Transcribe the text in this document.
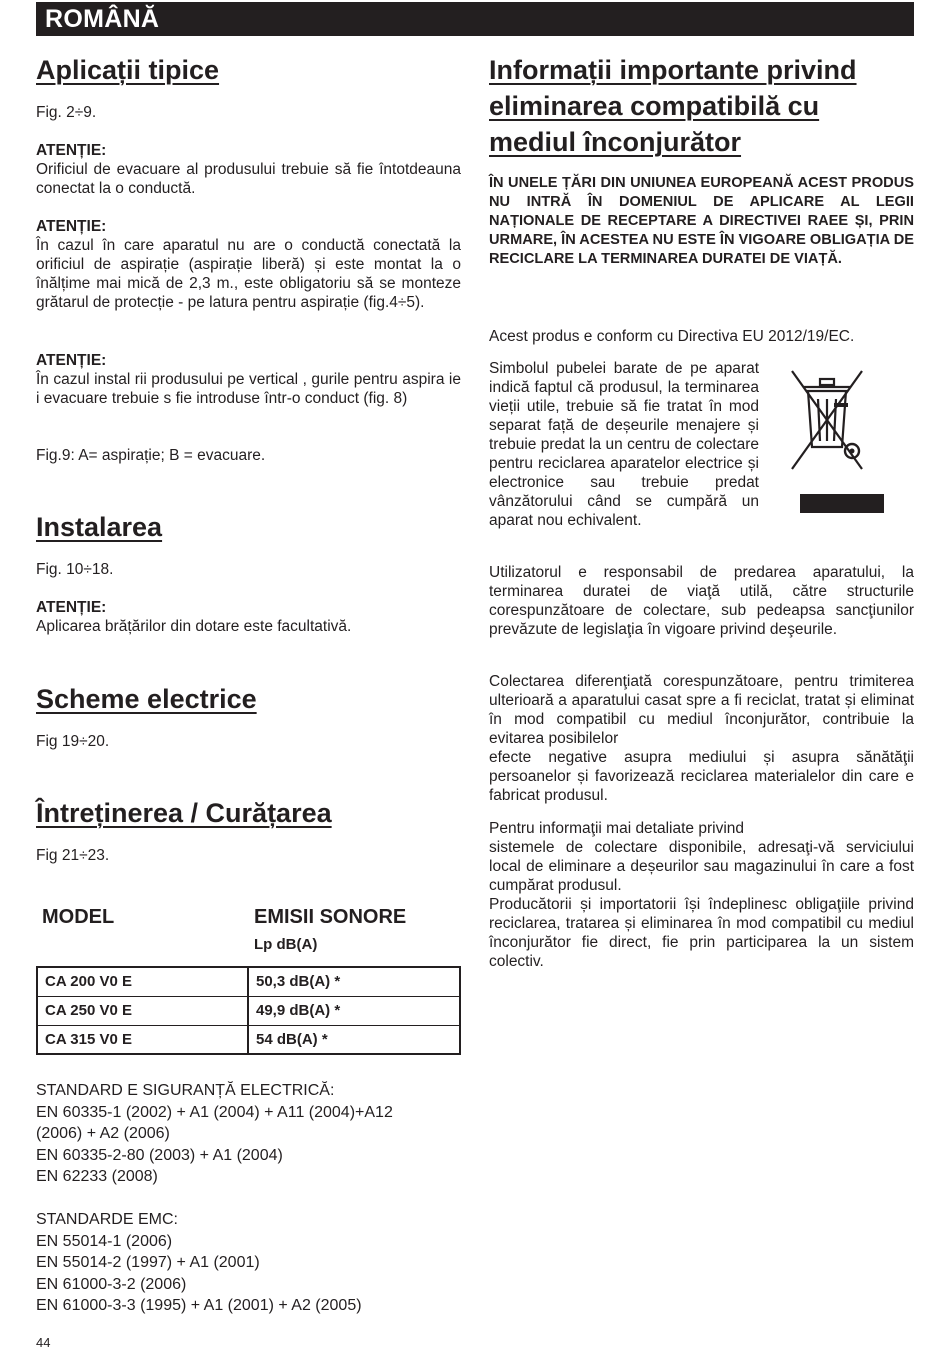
ROMÂNĂ
Aplicații tipice
Fig. 2÷9.
ATENȚIE:
Orificiul de evacuare al produsului trebuie să fie întotdeauna conectat la o conductă.
ATENȚIE:
În cazul în care aparatul nu are o conductă conectată la orificiul de aspirație (aspirație liberă) și este montat la o înălțime mai mică de 2,3 m., este obligatoriu să se monteze grătarul de protecție - pe latura pentru aspirație (fig.4÷5).
ATENȚIE:
În cazul instal rii produsului pe vertical , gurile pentru aspira ie i evacuare trebuie s fie introduse într-o conduct (fig. 8)
Fig.9: A= aspirație; B = evacuare.
Instalarea
Fig. 10÷18.
ATENȚIE:
Aplicarea brățărilor din dotare este facultativă.
Scheme electrice
Fig 19÷20.
Întreținerea / Curățarea
Fig 21÷23.
MODEL	EMISII SONORE
Lp dB(A)
CA 200 V0 E	50,3 dB(A) *
CA 250 V0 E	49,9 dB(A) *
CA 315 V0 E	54 dB(A) *
STANDARD E SIGURANȚĂ ELECTRICĂ:
EN 60335-1 (2002) + A1 (2004) + A11 (2004)+A12
(2006) + A2 (2006)
EN 60335-2-80 (2003) + A1 (2004)
EN 62233 (2008)
STANDARDE EMC:
EN 55014-1 (2006)
EN 55014-2 (1997) + A1 (2001)
EN 61000-3-2 (2006)
EN 61000-3-3 (1995) + A1 (2001) + A2 (2005)
Informații importante privind
eliminarea compatibilă cu
mediul înconjurător
ÎN UNELE ȚĂRI DIN UNIUNEA EUROPEANĂ ACEST PRODUS NU INTRĂ ÎN DOMENIUL DE APLICARE AL LEGII NAȚIONALE DE RECEPTARE A DIRECTIVEI RAEE ȘI, PRIN URMARE, ÎN ACESTEA NU ESTE ÎN VIGOARE OBLIGAȚIA DE RECICLARE LA TERMINAREA DURATEI DE VIAȚĂ.
Acest produs e conform cu Directiva EU 2012/19/EC.
Simbolul pubelei barate de pe aparat indică faptul că produsul, la terminarea vieții utile, trebuie să fie tratat în mod separat față de deșeurile menajere și trebuie predat la un centru de colectare pentru reciclarea aparatelor electrice și electronice sau trebuie predat vânzătorului când se cumpără un aparat nou echivalent.
Utilizatorul e responsabil de predarea aparatului, la terminarea duratei de viaţă utilă, către structurile corespunzătoare de colectare, sub pedeapsa sancţiunilor prevăzute de legislaţia în vigoare privind deşeurile.
Colectarea diferenţiată corespunzătoare, pentru trimiterea ulterioară a aparatului casat spre a fi reciclat, tratat și eliminat în mod compatibil cu mediul înconjurător, contribuie la evitarea posibilelor
efecte negative asupra mediului și asupra sănătăţii persoanelor și favorizează reciclarea materialelor din care e fabricat produsul.
Pentru informaţii mai detaliate privind
sistemele de colectare disponibile, adresaţi-vă serviciului local de eliminare a deșeurilor sau magazinului în care a fost cumpărat produsul.
Producătorii și importatorii își îndeplinesc obligaţiile privind reciclarea, tratarea și eliminarea în mod compatibil cu mediul înconjurător fie direct, fie prin participarea la un sistem colectiv.
44
